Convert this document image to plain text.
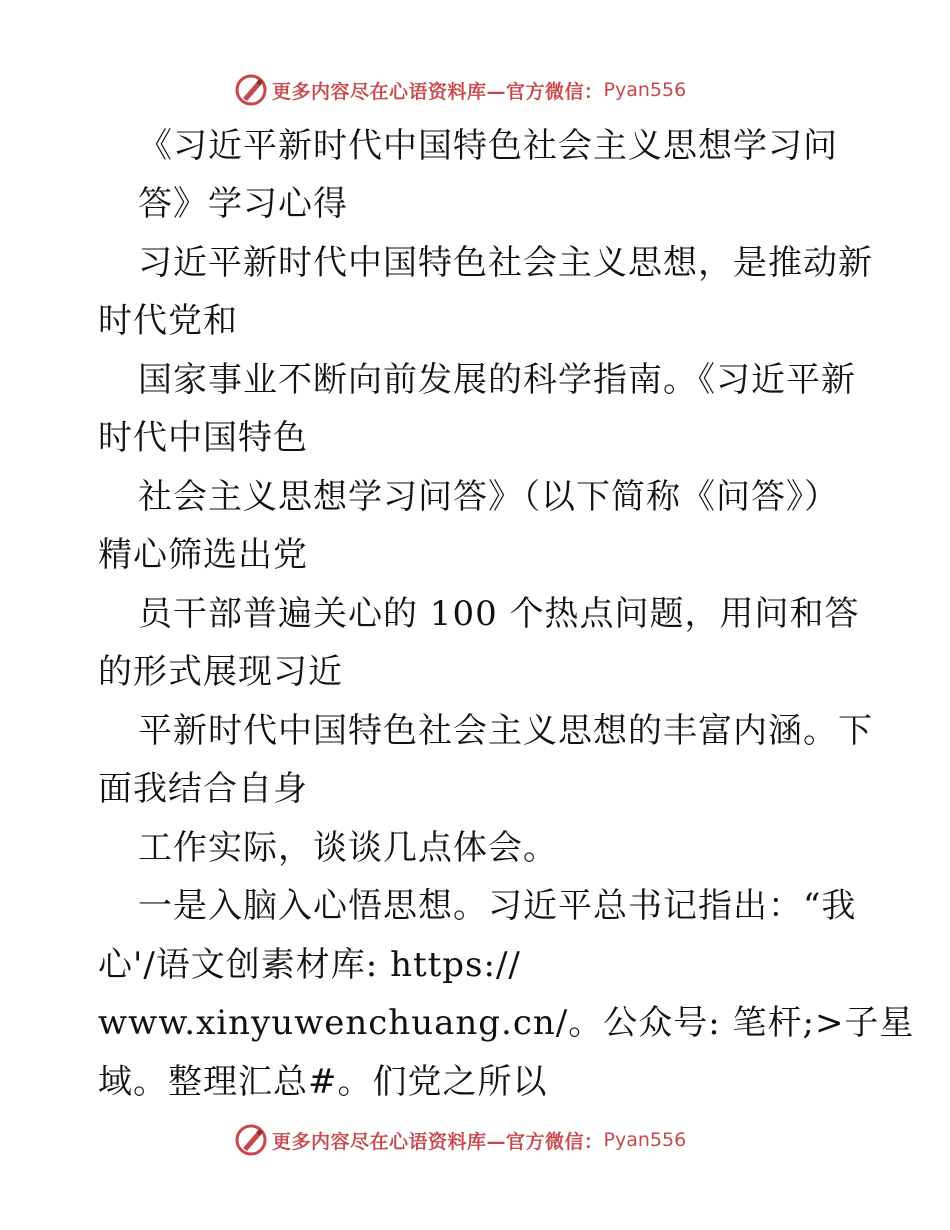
更多内容尽在心语资料库—官方微信： Pyan556
《习近平新时代中国特色社会主义思想学习问
答》学习心得
习近平新时代中国特色社会主义思想，是推动新
时代党和
国家事业不断向前发展的科学指南。《习近平新
时代中国特色
社会主义思想学习问答》（以下简称《问答》）
精心筛选出党
员干部普遍关心的 100 个热点问题，用问和答
的形式展现习近
平新时代中国特色社会主义思想的丰富内涵。下
面我结合自身
工作实际，谈谈几点体会。
一是入脑入心悟思想。习近平总书记指出：“我
心'/语文创素材库: https://
www.xinyuwenchuang.cn/。公众号: 笔杆;>子星
域。整理汇总#。们党之所以
更多内容尽在心语资料库—官方微信： Pyan556
